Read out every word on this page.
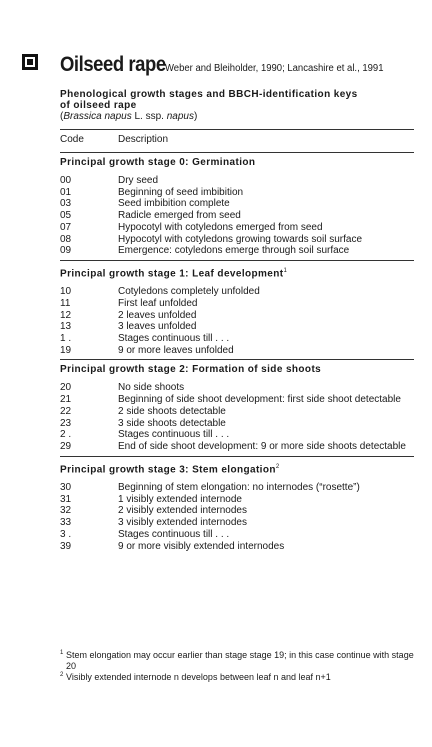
Oilseed rape Weber and Bleiholder, 1990; Lancashire et al., 1991
Phenological growth stages and BBCH-identification keys
of oilseed rape
(Brassica napus L. ssp. napus)
Code	Description
Principal growth stage 0: Germination
00	Dry seed
01	Beginning of seed imbibition
03	Seed imbibition complete
05	Radicle emerged from seed
07	Hypocotyl with cotyledons emerged from seed
08	Hypocotyl with cotyledons growing towards soil surface
09	Emergence: cotyledons emerge through soil surface
Principal growth stage 1: Leaf development$^1$
10	Cotyledons completely unfolded
11	First leaf unfolded
12	2 leaves unfolded
13	3 leaves unfolded
1 .	Stages continuous till . . .
19	9 or more leaves unfolded
Principal growth stage 2: Formation of side shoots
20	No side shoots
21	Beginning of side shoot development: first side shoot detectable
22	2 side shoots detectable
23	3 side shoots detectable
2 .	Stages continuous till . . .
29	End of side shoot development: 9 or more side shoots detectable
Principal growth stage 3: Stem elongation$^2$
30	Beginning of stem elongation: no internodes (“rosette”)
31	1 visibly extended internode
32	2 visibly extended internodes
33	3 visibly extended internodes
3 .	Stages continuous till . . .
39	9 or more visibly extended internodes
1 Stem elongation may occur earlier than stage stage 19; in this case continue with stage 20
2 Visibly extended internode n develops between leaf n and leaf n+1
